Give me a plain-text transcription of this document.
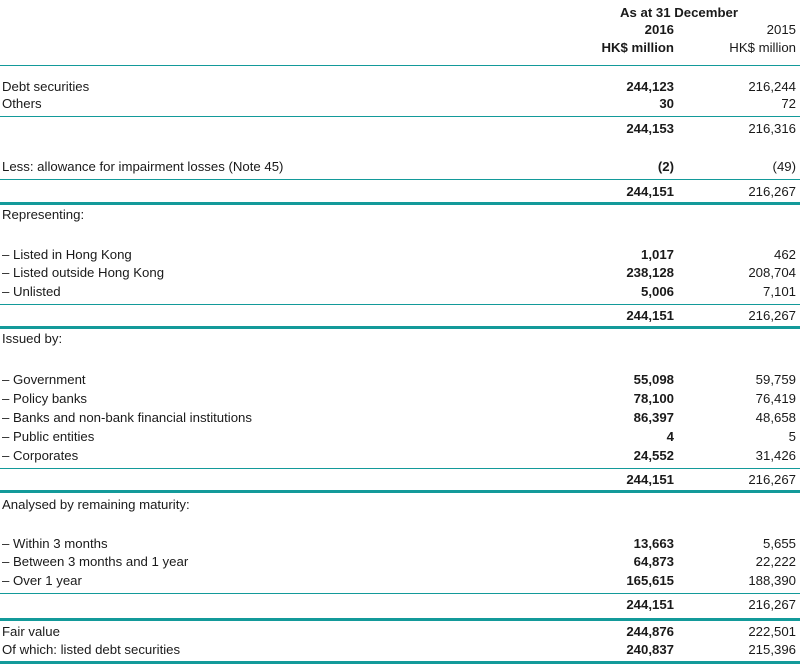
As at 31 December
2016	2015
HK$ million	HK$ million
Debt securities	244,123	216,244
Others	30	72
244,153	216,316
Less: allowance for impairment losses (Note 45)	(2)	(49)
244,151	216,267
Representing:
– Listed in Hong Kong	1,017	462
– Listed outside Hong Kong	238,128	208,704
– Unlisted	5,006	7,101
244,151	216,267
Issued by:
– Government	55,098	59,759
– Policy banks	78,100	76,419
– Banks and non-bank financial institutions	86,397	48,658
– Public entities	4	5
– Corporates	24,552	31,426
244,151	216,267
Analysed by remaining maturity:
– Within 3 months	13,663	5,655
– Between 3 months and 1 year	64,873	22,222
– Over 1 year	165,615	188,390
244,151	216,267
Fair value	244,876	222,501
Of which: listed debt securities	240,837	215,396
